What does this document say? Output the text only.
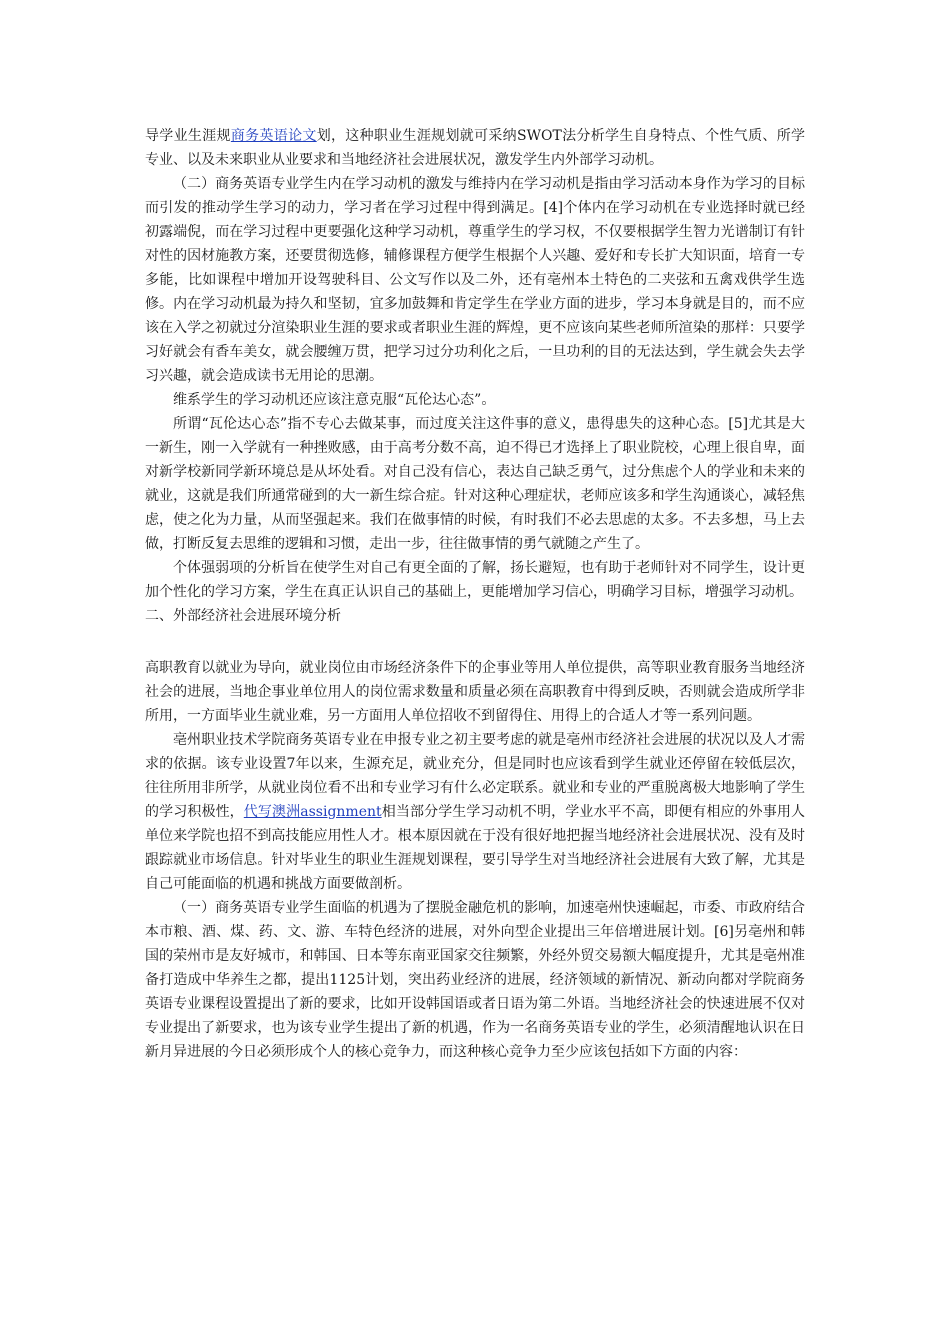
导学业生涯规商务英语论文划，这种职业生涯规划就可采纳SWOT法分析学生自身特点、个性气质、所学专业、以及未来职业从业要求和当地经济社会进展状况，激发学生内外部学习动机。

（二）商务英语专业学生内在学习动机的激发与维持内在学习动机是指由学习活动本身作为学习的目标而引发的推动学生学习的动力，学习者在学习过程中得到满足。[4]个体内在学习动机在专业选择时就已经初露端倪，而在学习过程中更要强化这种学习动机，尊重学生的学习权，不仅要根据学生智力光谱制订有针对性的因材施教方案，还要贯彻选修，辅修课程方便学生根据个人兴趣、爱好和专长扩大知识面，培育一专多能，比如课程中增加开设驾驶科目、公文写作以及二外，还有亳州本土特色的二夹弦和五禽戏供学生选修。内在学习动机最为持久和坚韧，宜多加鼓舞和肯定学生在学业方面的进步，学习本身就是目的，而不应该在入学之初就过分渲染职业生涯的要求或者职业生涯的辉煌，更不应该向某些老师所渲染的那样：只要学习好就会有香车美女，就会腰缠万贯，把学习过分功利化之后，一旦功利的目的无法达到，学生就会失去学习兴趣，就会造成读书无用论的思潮。

维系学生的学习动机还应该注意克服“瓦伦达心态”。

所谓“瓦伦达心态”指不专心去做某事，而过度关注这件事的意义，患得患失的这种心态。[5]尤其是大一新生，刚一入学就有一种挫败感，由于高考分数不高，迫不得已才选择上了职业院校，心理上很自卑，面对新学校新同学新环境总是从坏处看。对自己没有信心，表达自己缺乏勇气，过分焦虑个人的学业和未来的就业，这就是我们所通常碰到的大一新生综合症。针对这种心理症状，老师应该多和学生沟通谈心，减轻焦虑，使之化为力量，从而坚强起来。我们在做事情的时候，有时我们不必去思虑的太多。不去多想，马上去做，打断反复去思维的逻辑和习惯，走出一步，往往做事情的勇气就随之产生了。

个体强弱项的分析旨在使学生对自己有更全面的了解，扬长避短，也有助于老师针对不同学生，设计更加个性化的学习方案，学生在真正认识自己的基础上，更能增加学习信心，明确学习目标，增强学习动机。

二、外部经济社会进展环境分析

高职教育以就业为导向，就业岗位由市场经济条件下的企事业等用人单位提供，高等职业教育服务当地经济社会的进展，当地企事业单位用人的岗位需求数量和质量必须在高职教育中得到反映，否则就会造成所学非所用，一方面毕业生就业难，另一方面用人单位招收不到留得住、用得上的合适人才等一系列问题。

亳州职业技术学院商务英语专业在申报专业之初主要考虑的就是亳州市经济社会进展的状况以及人才需求的依据。该专业设置7年以来，生源充足，就业充分，但是同时也应该看到学生就业还停留在较低层次，往往所用非所学，从就业岗位看不出和专业学习有什么必定联系。就业和专业的严重脱离极大地影响了学生的学习积极性，代写澳洲assignment相当部分学生学习动机不明，学业水平不高，即便有相应的外事用人单位来学院也招不到高技能应用性人才。根本原因就在于没有很好地把握当地经济社会进展状况、没有及时跟踪就业市场信息。针对毕业生的职业生涯规划课程，要引导学生对当地经济社会进展有大致了解，尤其是自己可能面临的机遇和挑战方面要做剖析。

（一）商务英语专业学生面临的机遇为了摆脱金融危机的影响，加速亳州快速崛起，市委、市政府结合本市粮、酒、煤、药、文、游、车特色经济的进展，对外向型企业提出三年倍增进展计划。[6]另亳州和韩国的荣州市是友好城市，和韩国、日本等东南亚国家交往频繁，外经外贸交易额大幅度提升，尤其是亳州准备打造成中华养生之都，提出1125计划，突出药业经济的进展，经济领域的新情况、新动向都对学院商务英语专业课程设置提出了新的要求，比如开设韩国语或者日语为第二外语。当地经济社会的快速进展不仅对专业提出了新要求，也为该专业学生提出了新的机遇，作为一名商务英语专业的学生，必须清醒地认识在日新月异进展的今日必须形成个人的核心竞争力，而这种核心竞争力至少应该包括如下方面的内容：
